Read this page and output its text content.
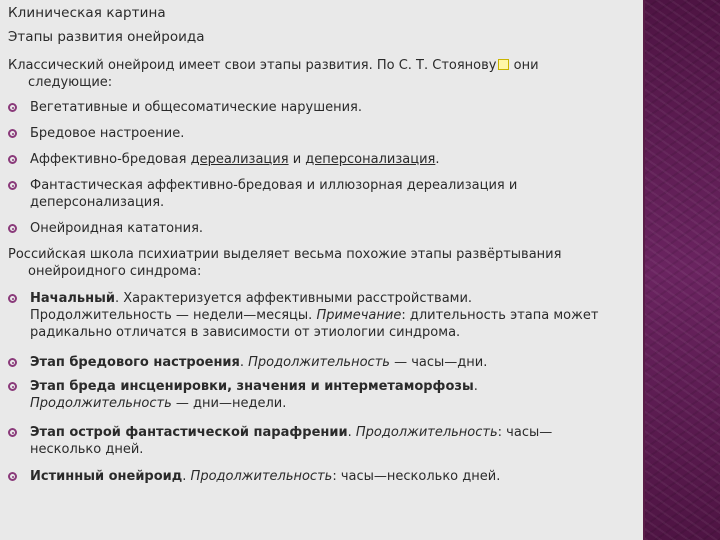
Клиническая картина
Этапы развития онейроида
Классический онейроид имеет свои этапы развития. По С. Т. Стоянову они
следующие:
Вегетативные и общесоматические нарушения.
Бредовое настроение.
Аффективно-бредовая дереализация и деперсонализация.
Фантастическая аффективно-бредовая и иллюзорная дереализация и
деперсонализация.
Онейроидная кататония.
Российская школа психиатрии выделяет весьма похожие этапы развёртывания
онейроидного синдрома:
Начальный. Характеризуется аффективными расстройствами.
Продолжительность — недели—месяцы. Примечание: длительность этапа может
радикально отличатся в зависимости от этиологии синдрома.
Этап бредового настроения. Продолжительность — часы—дни.
Этап бреда инсценировки, значения и интерметаморфозы.
Продолжительность — дни—недели.
Этап острой фантастической парафрении. Продолжительность: часы—
несколько дней.
Истинный онейроид. Продолжительность: часы—несколько дней.
